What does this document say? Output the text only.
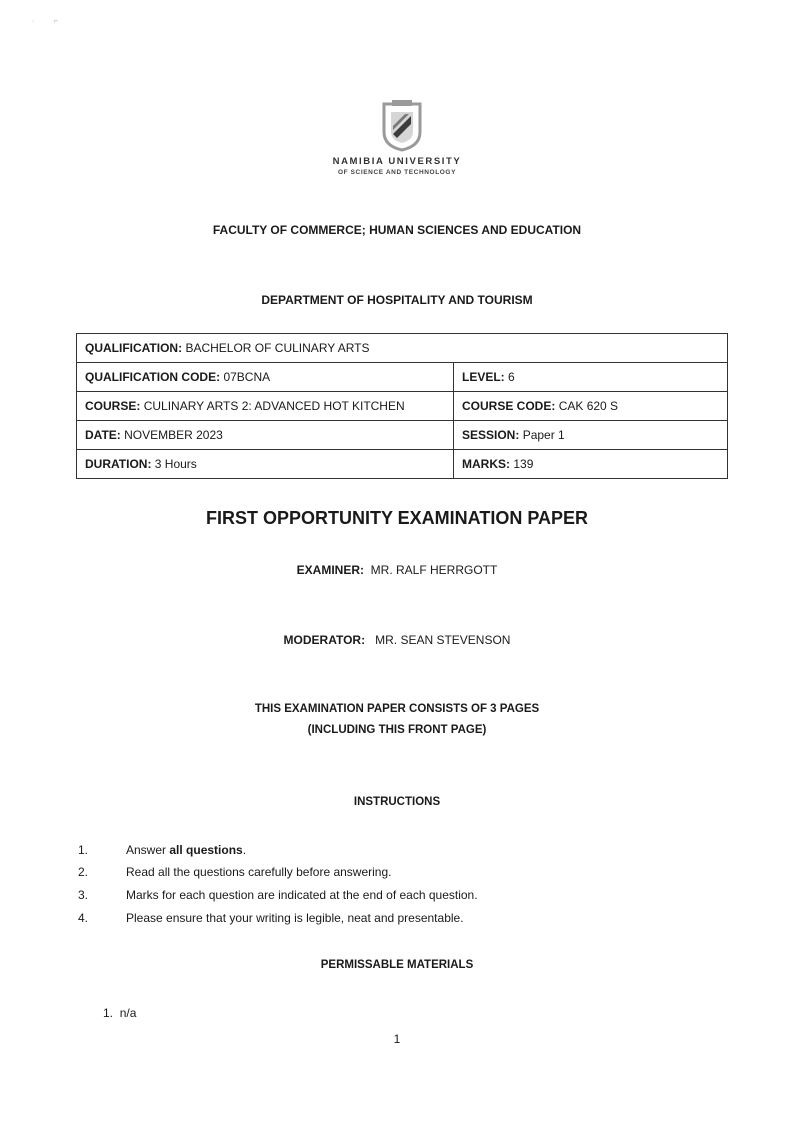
·          ⌐
NAMIBIA UNIVERSITY
OF SCIENCE AND TECHNOLOGY
FACULTY OF COMMERCE; HUMAN SCIENCES AND EDUCATION
DEPARTMENT OF HOSPITALITY AND TOURISM
QUALIFICATION: BACHELOR OF CULINARY ARTS	
QUALIFICATION CODE: 07BCNA	LEVEL: 6
COURSE: CULINARY ARTS 2: ADVANCED HOT KITCHEN	COURSE CODE: CAK 620 S
DATE: NOVEMBER 2023	SESSION: Paper 1
DURATION: 3 Hours	MARKS: 139
FIRST OPPORTUNITY EXAMINATION PAPER
EXAMINER: MR. RALF HERRGOTT
MODERATOR: MR. SEAN STEVENSON
THIS EXAMINATION PAPER CONSISTS OF 3 PAGES
(INCLUDING THIS FRONT PAGE)
INSTRUCTIONS
1.	Answer all questions.
2.	Read all the questions carefully before answering.
3.	Marks for each question are indicated at the end of each question.
4.	Please ensure that your writing is legible, neat and presentable.
PERMISSABLE MATERIALS
1. n/a
1
